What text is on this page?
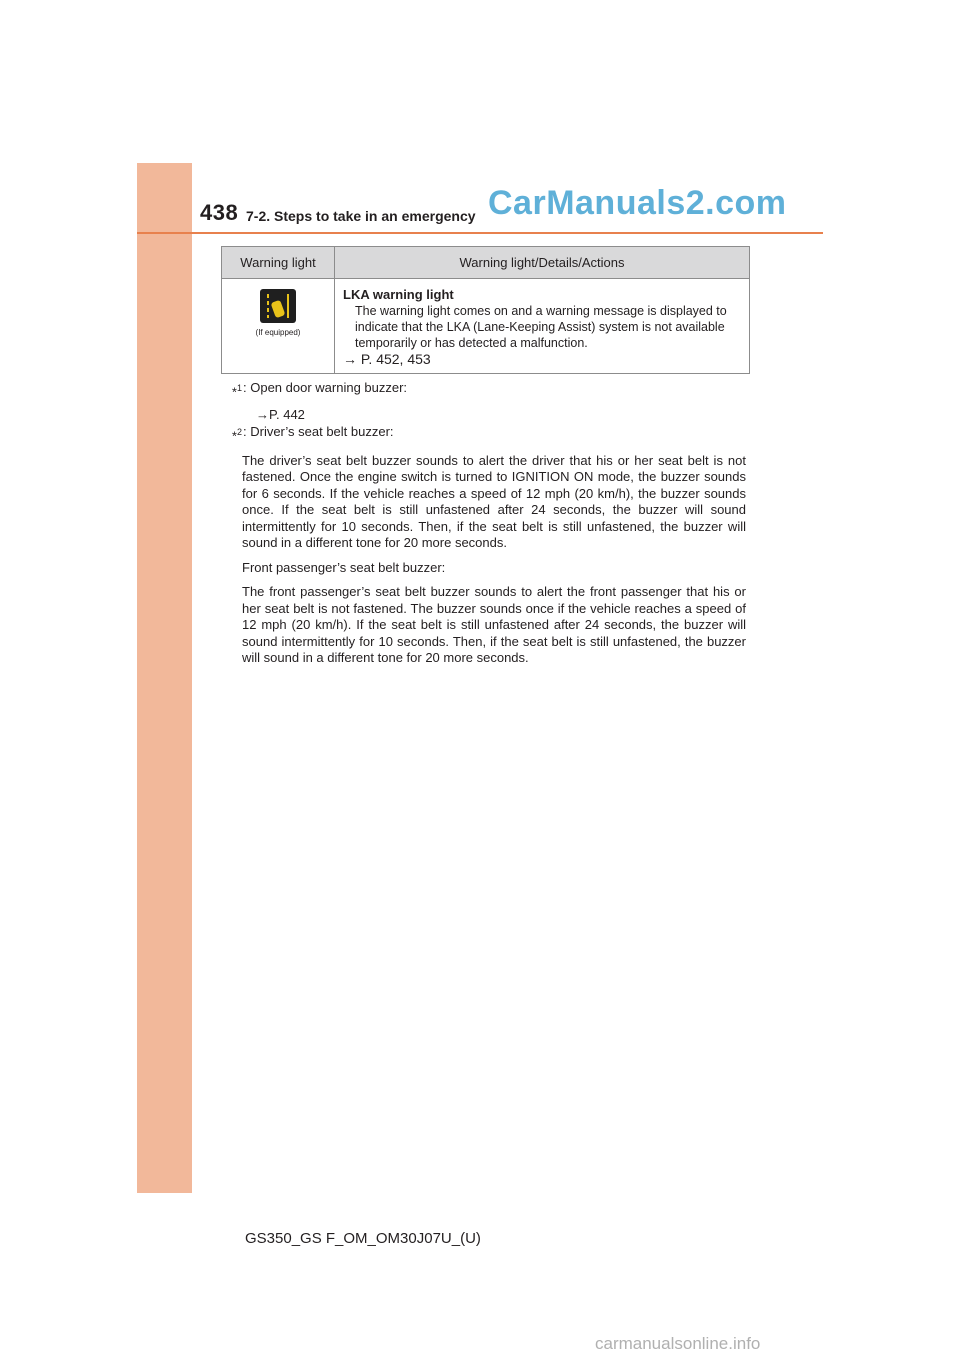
438 7-2. Steps to take in an emergency CarManuals2.com
Warning light	Warning light/Details/Actions

(If equipped)	LKA warning light
The warning light comes on and a warning message is displayed to indicate that the LKA (Lane-Keeping Assist) system is not available temporarily or has detected a malfunction.
→ P. 452, 453
*$^1$ : Open door warning buzzer:
→P. 442
*$^2$ : Driver’s seat belt buzzer:
The driver’s seat belt buzzer sounds to alert the driver that his or her seat belt is not fastened. Once the engine switch is turned to IGNITION ON mode, the buzzer sounds for 6 seconds. If the vehicle reaches a speed of 12 mph (20 km/h), the buzzer sounds once. If the seat belt is still unfastened after 24 seconds, the buzzer will sound intermittently for 10 seconds. Then, if the seat belt is still unfastened, the buzzer will sound in a different tone for 20 more seconds.
Front passenger’s seat belt buzzer:
The front passenger’s seat belt buzzer sounds to alert the front passenger that his or her seat belt is not fastened. The buzzer sounds once if the vehicle reaches a speed of 12 mph (20 km/h). If the seat belt is still unfastened after 24 seconds, the buzzer will sound intermittently for 10 seconds. Then, if the seat belt is still unfastened, the buzzer will sound in a different tone for 20 more seconds.
GS350_GS F_OM_OM30J07U_(U)
carmanualsonline.info
